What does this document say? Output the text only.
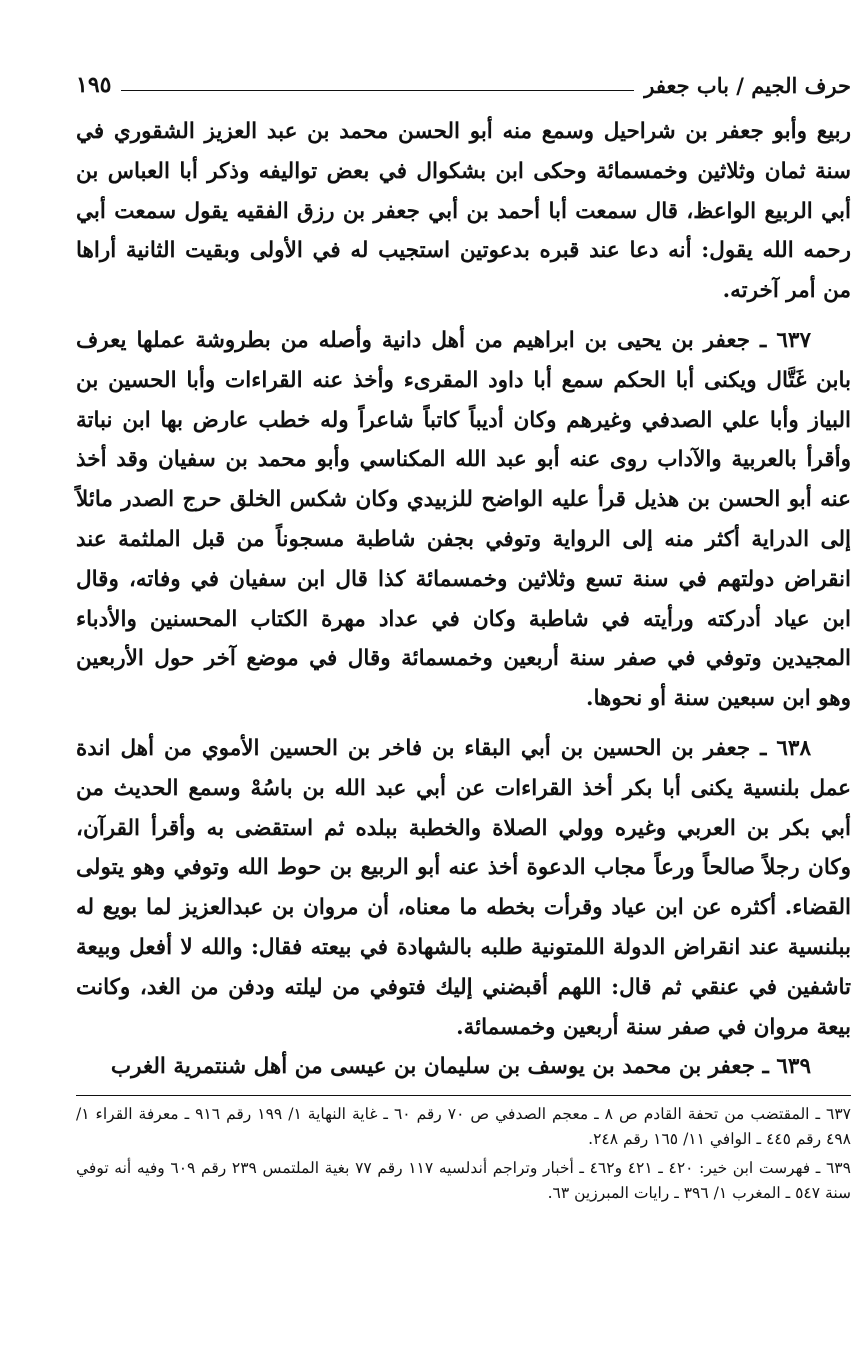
حرف الجيم / باب جعفر
١٩٥

ربيع وأبو جعفر بن شراحيل وسمع منه أبو الحسن محمد بن عبد العزيز الشقوري في سنة ثمان وثلاثين وخمسمائة وحكى ابن بشكوال في بعض تواليفه وذكر أبا العباس بن أبي الربيع الواعظ، قال سمعت أبا أحمد بن أبي جعفر بن رزق الفقيه يقول سمعت أبي رحمه الله يقول: أنه دعا عند قبره بدعوتين استجيب له في الأولى وبقيت الثانية أراها من أمر آخرته.

٦٣٧ ـ جعفر بن يحيى بن ابراهيم من أهل دانية وأصله من بطروشة عملها يعرف بابن غَتَّال ويكنى أبا الحكم سمع أبا داود المقرىء وأخذ عنه القراءات وأبا الحسين بن البياز وأبا علي الصدفي وغيرهم وكان أديباً كاتباً شاعراً وله خطب عارض بها ابن نباتة وأقرأ بالعربية والآداب روى عنه أبو عبد الله المكناسي وأبو محمد بن سفيان وقد أخذ عنه أبو الحسن بن هذيل قرأ عليه الواضح للزبيدي وكان شكس الخلق حرج الصدر مائلاً إلى الدراية أكثر منه إلى الرواية وتوفي بجفن شاطبة مسجوناً من قبل الملثمة عند انقراض دولتهم في سنة تسع وثلاثين وخمسمائة كذا قال ابن سفيان في وفاته، وقال ابن عياد أدركته ورأيته في شاطبة وكان في عداد مهرة الكتاب المحسنين والأدباء المجيدين وتوفي في صفر سنة أربعين وخمسمائة وقال في موضع آخر حول الأربعين وهو ابن سبعين سنة أو نحوها.

٦٣٨ ـ جعفر بن الحسين بن أبي البقاء بن فاخر بن الحسين الأموي من أهل اندة عمل بلنسية يكنى أبا بكر أخذ القراءات عن أبي عبد الله بن باسُهْ وسمع الحديث من أبي بكر بن العربي وغيره وولي الصلاة والخطبة ببلده ثم استقضى به وأقرأ القرآن، وكان رجلاً صالحاً ورعاً مجاب الدعوة أخذ عنه أبو الربيع بن حوط الله وتوفي وهو يتولى القضاء. أكثره عن ابن عياد وقرأت بخطه ما معناه، أن مروان بن عبدالعزيز لما بويع له ببلنسية عند انقراض الدولة اللمتونية طلبه بالشهادة في بيعته فقال: والله لا أفعل وبيعة تاشفين في عنقي ثم قال: اللهم أقبضني إليك فتوفي من ليلته ودفن من الغد، وكانت بيعة مروان في صفر سنة أربعين وخمسمائة.

٦٣٩ ـ جعفر بن محمد بن يوسف بن سليمان بن عيسى من أهل شنتمرية الغرب

٦٣٧ ـ المقتضب من تحفة القادم ص ٨ ـ معجم الصدفي ص ٧٠ رقم ٦٠ ـ غاية النهاية ١/ ١٩٩ رقم ٩١٦ ـ معرفة القراء ١/ ٤٩٨ رقم ٤٤٥ ـ الوافي ١١/ ١٦٥ رقم ٢٤٨.

٦٣٩ ـ فهرست ابن خير: ٤٢٠ ـ ٤٢١ و٤٦٢ ـ أخبار وتراجم أندلسيه ١١٧ رقم ٧٧ بغية الملتمس ٢٣٩ رقم ٦٠٩ وفيه أنه توفي سنة ٥٤٧ ـ المغرب ١/ ٣٩٦ ـ رايات المبرزين ٦٣.
